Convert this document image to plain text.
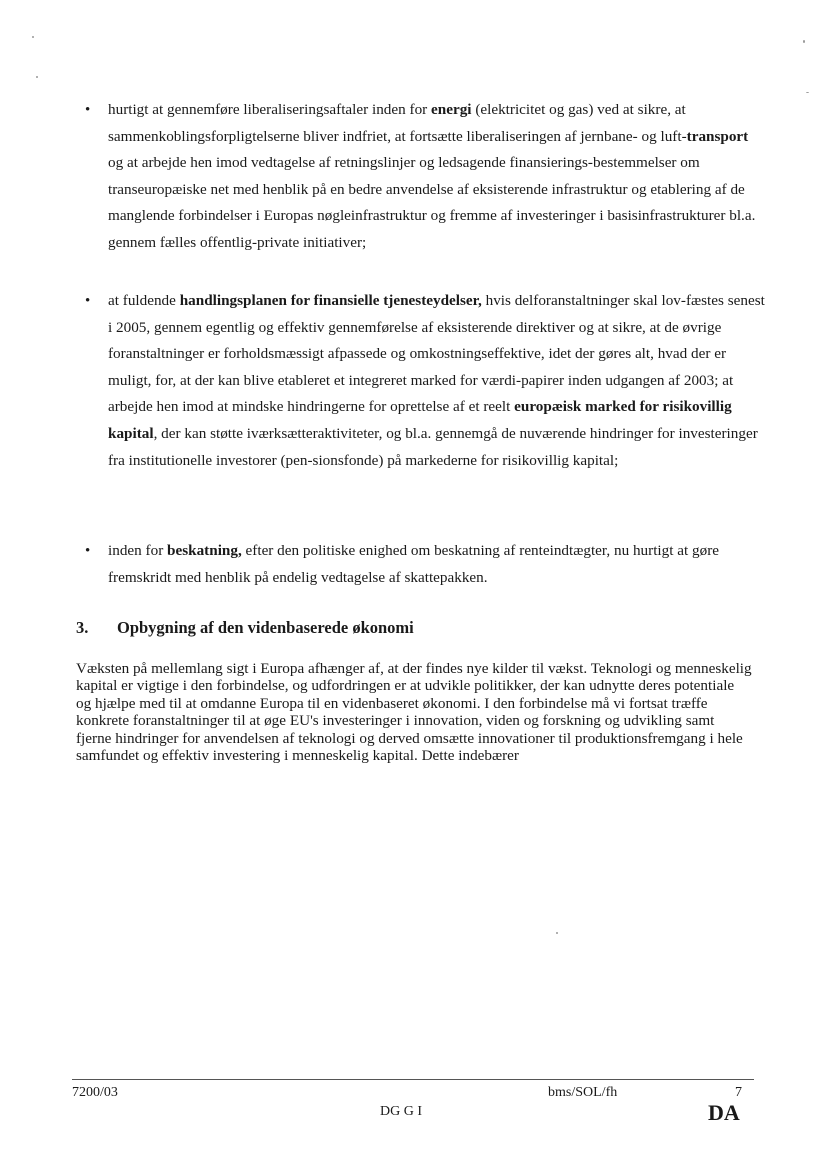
• hurtigt at gennemføre liberaliseringsaftaler inden for energi (elektricitet og gas) ved at sikre, at sammenkoblingsforpligtelserne bliver indfriet, at fortsætte liberaliseringen af jernbane- og luft-transport og at arbejde hen imod vedtagelse af retningslinjer og ledsagende finansierings-bestemmelser om transeuropæiske net med henblik på en bedre anvendelse af eksisterende infrastruktur og etablering af de manglende forbindelser i Europas nøgleinfrastruktur og fremme af investeringer i basisinfrastrukturer bl.a. gennem fælles offentlig-private initiativer;
• at fuldende handlingsplanen for finansielle tjenesteydelser, hvis delforanstaltninger skal lov-fæstes senest i 2005, gennem egentlig og effektiv gennemførelse af eksisterende direktiver og at sikre, at de øvrige foranstaltninger er forholdsmæssigt afpassede og omkostningseffektive, idet der gøres alt, hvad der er muligt, for, at der kan blive etableret et integreret marked for værdi-papirer inden udgangen af 2003; at arbejde hen imod at mindske hindringerne for oprettelse af et reelt europæisk marked for risikovillig kapital, der kan støtte iværksætteraktiviteter, og bl.a. gennemgå de nuværende hindringer for investeringer fra institutionelle investorer (pen-sionsfonde) på markederne for risikovillig kapital;
• inden for beskatning, efter den politiske enighed om beskatning af renteindtægter, nu hurtigt at gøre fremskridt med henblik på endelig vedtagelse af skattepakken.
3. Opbygning af den videnbaserede økonomi
Væksten på mellemlang sigt i Europa afhænger af, at der findes nye kilder til vækst. Teknologi og menneskelig kapital er vigtige i den forbindelse, og udfordringen er at udvikle politikker, der kan udnytte deres potentiale og hjælpe med til at omdanne Europa til en videnbaseret økonomi. I den forbindelse må vi fortsat træffe konkrete foranstaltninger til at øge EU's investeringer i innovation, viden og forskning og udvikling samt fjerne hindringer for anvendelsen af teknologi og derved omsætte innovationer til produktionsfremgang i hele samfundet og effektiv investering i menneskelig kapital. Dette indebærer
7200/03	bms/SOL/fh	7
DG G I	DA
